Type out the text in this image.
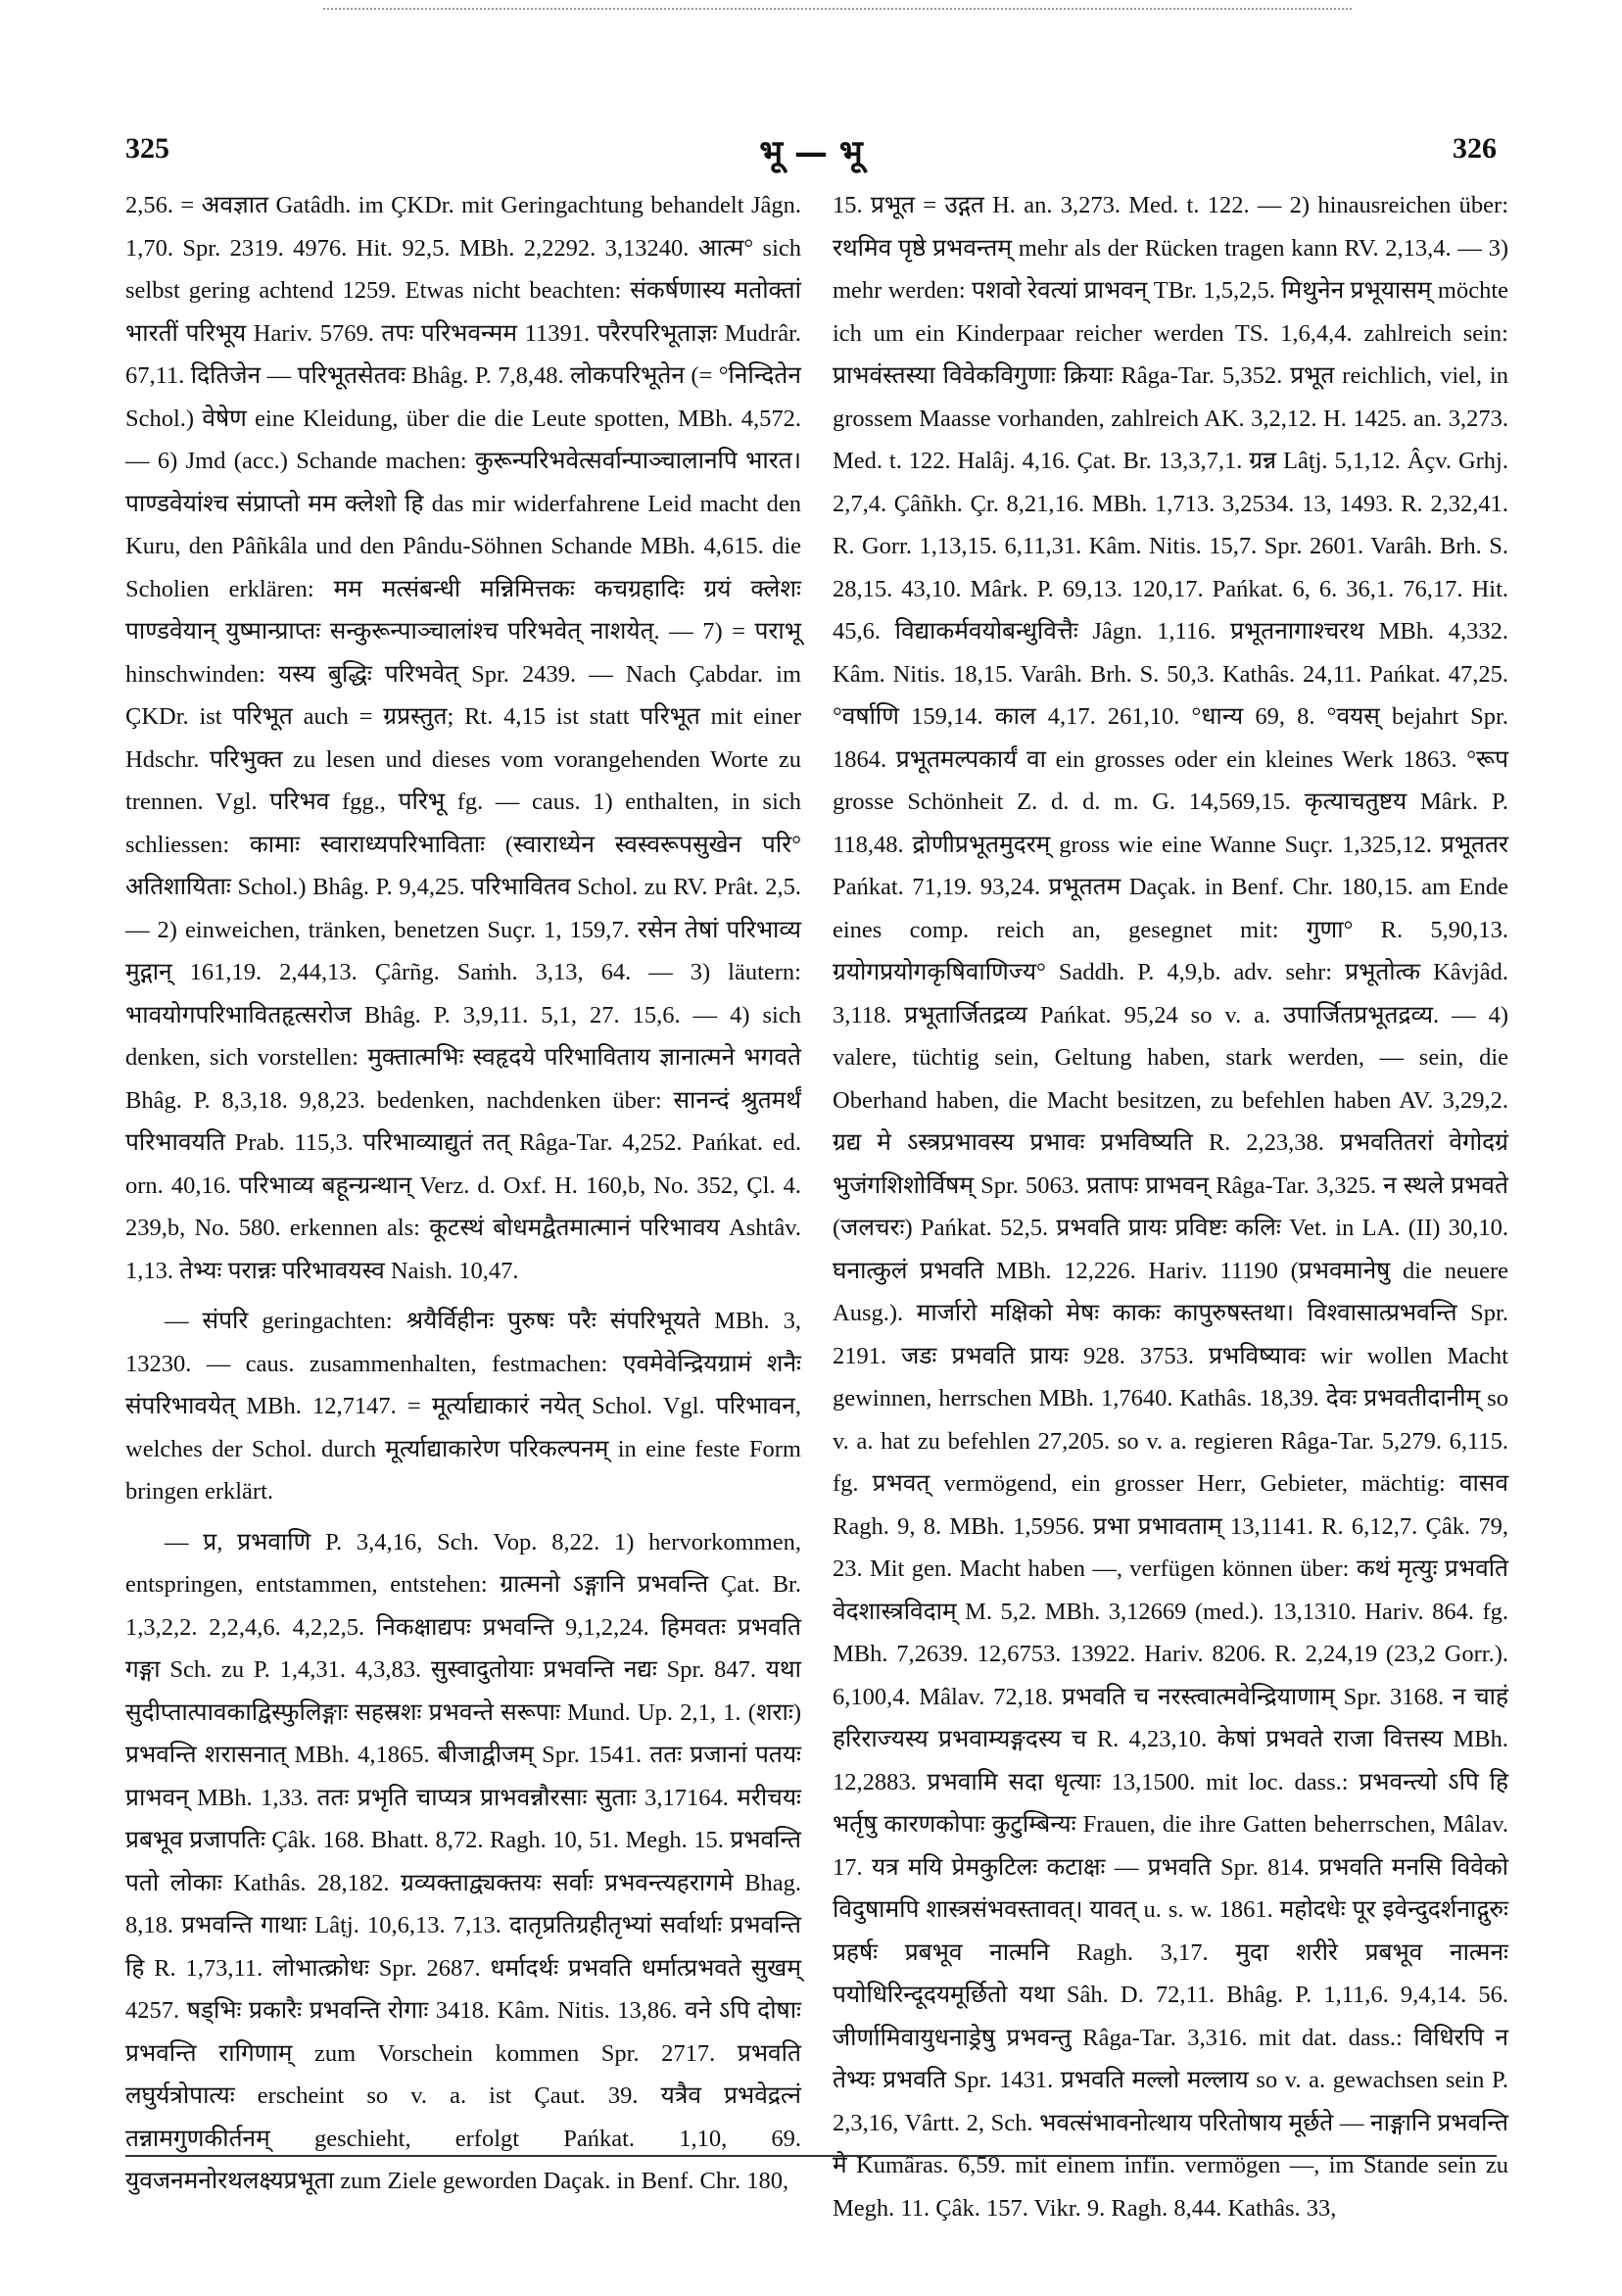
325	भू — भू	326

2,56. = अवज्ञात Gatâdh. im ÇKDr. mit Geringachtung behandelt Jâgn. 1,70. Spr. 2319. 4976. Hit. 92,5. MBh. 2,2292. 3,13240. आत्म° sich selbst gering achtend 1259. Etwas nicht beachten: संकर्षणास्य मतोक्तां भारतीं परिभूय Hariv. 5769. तपः परिभवन्मम 11391. परैरपरिभूताज्ञः Mudrâr. 67,11. दितिजेन — परिभूतसेतवः Bhâg. P. 7,8,48. लोकपरिभूतेन (= °निन्दितेन Schol.) वेषेण eine Kleidung, über die die Leute spotten, MBh. 4,572. — 6) Jmd (acc.) Schande machen: कुरून्परिभवेत्सर्वान्पाञ्चालानपि भारत। पाण्डवेयांश्च संप्राप्तो मम क्लेशो हि das mir widerfahrene Leid macht den Kuru, den Pâñkâla und den Pându-Söhnen Schande MBh. 4,615. die Scholien erklären: मम मत्संबन्धी मन्निमित्तकः कचग्रहादिः ग्रयं क्लेशः पाण्डवेयान् युष्मान्प्राप्तः सन्कुरून्पाञ्चालांश्च परिभवेत् नाशयेत्. — 7) = पराभू hinschwinden: यस्य बुद्धिः परिभवेत् Spr. 2439. — Nach Çabdar. im ÇKDr. ist परिभूत auch = ग्रप्रस्तुत; Rt. 4,15 ist statt परिभूत mit einer Hdschr. परिभुक्त zu lesen und dieses vom vorangehenden Worte zu trennen. Vgl. परिभव fgg., परिभू fg. — caus. 1) enthalten, in sich schliessen: कामाः स्वाराध्यपरिभाविताः (स्वाराध्येन स्वस्वरूपसुखेन परि° अतिशायिताः Schol.) Bhâg. P. 9,4,25. परिभावितव Schol. zu RV. Prât. 2,5. — 2) einweichen, tränken, benetzen Suçr. 1, 159,7. रसेन तेषां परिभाव्य मुद्गान् 161,19. 2,44,13. Çârñg. Saṁh. 3,13, 64. — 3) läutern: भावयोगपरिभावितहृत्सरोज Bhâg. P. 3,9,11. 5,1, 27. 15,6. — 4) sich denken, sich vorstellen: मुक्तात्मभिः स्वहृदये परिभाविताय ज्ञानात्मने भगवते Bhâg. P. 8,3,18. 9,8,23. bedenken, nachdenken über: सानन्दं श्रुतमर्थं परिभावयति Prab. 115,3. परिभाव्याद्युतं तत् Râga-Tar. 4,252. Pańkat. ed. orn. 40,16. परिभाव्य बहून्ग्रन्थान् Verz. d. Oxf. H. 160,b, No. 352, Çl. 4. 239,b, No. 580. erkennen als: कूटस्थं बोधमद्वैतमात्मानं परिभावय Ashtâv. 1,13. तेभ्यः परान्नः परिभावयस्व Naish. 10,47.

— संपरि geringachten: श्रयैर्विहीनः पुरुषः परैः संपरिभूयते MBh. 3, 13230. — caus. zusammenhalten, festmachen: एवमेवेन्द्रियग्रामं शनैः संपरिभावयेत् MBh. 12,7147. = मूर्त्याद्याकारं नयेत् Schol. Vgl. परिभावन, welches der Schol. durch मूर्त्याद्याकारेण परिकल्पनम् in eine feste Form bringen erklärt.

— प्र, प्रभवाणि P. 3,4,16, Sch. Vop. 8,22. 1) hervorkommen, entspringen, entstammen, entstehen: ग्रात्मनो ऽङ्गानि प्रभवन्ति Çat. Br. 1,3,2,2. 2,2,4,6. 4,2,2,5. निकक्षाद्यपः प्रभवन्ति 9,1,2,24. हिमवतः प्रभवति गङ्गा Sch. zu P. 1,4,31. 4,3,83. सुस्वादुतोयाः प्रभवन्ति नद्यः Spr. 847. यथा सुदीप्तात्पावकाद्विस्फुलिङ्गाः सहस्रशः प्रभवन्ते सरूपाः Mund. Up. 2,1, 1. (शराः) प्रभवन्ति शरासनात् MBh. 4,1865. बीजाद्वीजम् Spr. 1541. ततः प्रजानां पतयः प्राभवन् MBh. 1,33. ततः प्रभृति चाप्यत्र प्राभवन्नौरसाः सुताः 3,17164. मरीचयः प्रबभूव प्रजापतिः Çâk. 168. Bhatt. 8,72. Ragh. 10, 51. Megh. 15. प्रभवन्ति पतो लोकाः Kathâs. 28,182. ग्रव्यक्ताद्व्यक्तयः सर्वाः प्रभवन्त्यहरागमे Bhag. 8,18. प्रभवन्ति गाथाः Lâṭj. 10,6,13. 7,13. दातृप्रतिग्रहीतृभ्यां सर्वार्थाः प्रभवन्ति हि R. 1,73,11. लोभात्क्रोधः Spr. 2687. धर्मादर्थः प्रभवति धर्मात्प्रभवते सुखम् 4257. षड्भिः प्रकारैः प्रभवन्ति रोगाः 3418. Kâm. Nitis. 13,86. वने ऽपि दोषाः प्रभवन्ति रागिणाम् zum Vorschein kommen Spr. 2717. प्रभवति लघुर्यत्रोपात्यः erscheint so v. a. ist Çaut. 39. यत्रैव प्रभवेद्रत्नं तन्नामगुणकीर्तनम् geschieht, erfolgt Pańkat. 1,10, 69. युवजनमनोरथलक्ष्यप्रभूता zum Ziele geworden Daçak. in Benf. Chr. 180,

15. प्रभूत = उद्गत H. an. 3,273. Med. t. 122. — 2) hinausreichen über: रथमिव पृष्ठे प्रभवन्तम् mehr als der Rücken tragen kann RV. 2,13,4. — 3) mehr werden: पशवो रेवत्यां प्राभवन् TBr. 1,5,2,5. मिथुनेन प्रभूयासम् möchte ich um ein Kinderpaar reicher werden TS. 1,6,4,4. zahlreich sein: प्राभवंस्तस्या विवेकविगुणाः क्रियाः Râga-Tar. 5,352. प्रभूत reichlich, viel, in grossem Maasse vorhanden, zahlreich AK. 3,2,12. H. 1425. an. 3,273. Med. t. 122. Halâj. 4,16. Çat. Br. 13,3,7,1. ग्रन्न Lâṭj. 5,1,12. Âçv. Grhj. 2,7,4. Çâñkh. Çr. 8,21,16. MBh. 1,713. 3,2534. 13, 1493. R. 2,32,41. R. Gorr. 1,13,15. 6,11,31. Kâm. Nitis. 15,7. Spr. 2601. Varâh. Brh. S. 28,15. 43,10. Mârk. P. 69,13. 120,17. Pańkat. 6, 6. 36,1. 76,17. Hit. 45,6. विद्याकर्मवयोबन्धुवित्तैः Jâgn. 1,116. प्रभूतनागाश्चरथ MBh. 4,332. Kâm. Nitis. 18,15. Varâh. Brh. S. 50,3. Kathâs. 24,11. Pańkat. 47,25. °वर्षाणि 159,14. काल 4,17. 261,10. °धान्य 69, 8. °वयस् bejahrt Spr. 1864. प्रभूतमल्पकार्यं वा ein grosses oder ein kleines Werk 1863. °रूप grosse Schönheit Z. d. d. m. G. 14,569,15. कृत्याचतुष्टय Mârk. P. 118,48. द्रोणीप्रभूतमुदरम् gross wie eine Wanne Suçr. 1,325,12. प्रभूततर Pańkat. 71,19. 93,24. प्रभूततम Daçak. in Benf. Chr. 180,15. am Ende eines comp. reich an, gesegnet mit: गुणा° R. 5,90,13. ग्रयोगप्रयोगकृषिवाणिज्य° Saddh. P. 4,9,b. adv. sehr: प्रभूतोत्क Kâvjâd. 3,118. प्रभूतार्जितद्रव्य Pańkat. 95,24 so v. a. उपार्जितप्रभूतद्रव्य. — 4) valere, tüchtig sein, Geltung haben, stark werden, — sein, die Oberhand haben, die Macht besitzen, zu befehlen haben AV. 3,29,2. ग्रद्य मे ऽस्त्रप्रभावस्य प्रभावः प्रभविष्यति R. 2,23,38. प्रभवतितरां वेगोदग्रं भुजंगशिशोर्विषम् Spr. 5063. प्रतापः प्राभवन् Râga-Tar. 3,325. न स्थले प्रभवते (जलचरः) Pańkat. 52,5. प्रभवति प्रायः प्रविष्टः कलिः Vet. in LA. (II) 30,10. घनात्कुलं प्रभवति MBh. 12,226. Hariv. 11190 (प्रभवमानेषु die neuere Ausg.). मार्जारो मक्षिको मेषः काकः कापुरुषस्तथा। विश्वासात्प्रभवन्ति Spr. 2191. जडः प्रभवति प्रायः 928. 3753. प्रभविष्यावः wir wollen Macht gewinnen, herrschen MBh. 1,7640. Kathâs. 18,39. देवः प्रभवतीदानीम् so v. a. hat zu befehlen 27,205. so v. a. regieren Râga-Tar. 5,279. 6,115. fg. प्रभवत् vermögend, ein grosser Herr, Gebieter, mächtig: वासव Ragh. 9, 8. MBh. 1,5956. प्रभा प्रभावताम् 13,1141. R. 6,12,7. Çâk. 79, 23. Mit gen. Macht haben —, verfügen können über: कथं मृत्युः प्रभवति वेदशास्त्रविदाम् M. 5,2. MBh. 3,12669 (med.). 13,1310. Hariv. 864. fg. MBh. 7,2639. 12,6753. 13922. Hariv. 8206. R. 2,24,19 (23,2 Gorr.). 6,100,4. Mâlav. 72,18. प्रभवति च नरस्त्वात्मवेन्द्रियाणाम् Spr. 3168. न चाहं हरिराज्यस्य प्रभवाम्यङ्गदस्य च R. 4,23,10. केषां प्रभवते राजा वित्तस्य MBh. 12,2883. प्रभवामि सदा धृत्याः 13,1500. mit loc. dass.: प्रभवन्त्यो ऽपि हि भर्तृषु कारणकोपाः कुटुम्बिन्यः Frauen, die ihre Gatten beherrschen, Mâlav. 17. यत्र मयि प्रेमकुटिलः कटाक्षः — प्रभवति Spr. 814. प्रभवति मनसि विवेको विदुषामपि शास्त्रसंभवस्तावत्। यावत् u. s. w. 1861. महोदधेः पूर इवेन्दुदर्शनाद्गुरुः प्रहर्षः प्रबभूव नात्मनि Ragh. 3,17. मुदा शरीरे प्रबभूव नात्मनः पयोधिरिन्दूदयमूर्छितो यथा Sâh. D. 72,11. Bhâg. P. 1,11,6. 9,4,14. 56. जीर्णामिवायुधनाड्रेषु प्रभवन्तु Râga-Tar. 3,316. mit dat. dass.: विधिरपि न तेभ्यः प्रभवति Spr. 1431. प्रभवति मल्लो मल्लाय so v. a. gewachsen sein P. 2,3,16, Vârtt. 2, Sch. भवत्संभावनोत्थाय परितोषाय मूर्छते — नाङ्गानि प्रभवन्ति मे Kumâras. 6,59. mit einem infin. vermögen —, im Stande sein zu Megh. 11. Çâk. 157. Vikr. 9. Ragh. 8,44. Kathâs. 33,
